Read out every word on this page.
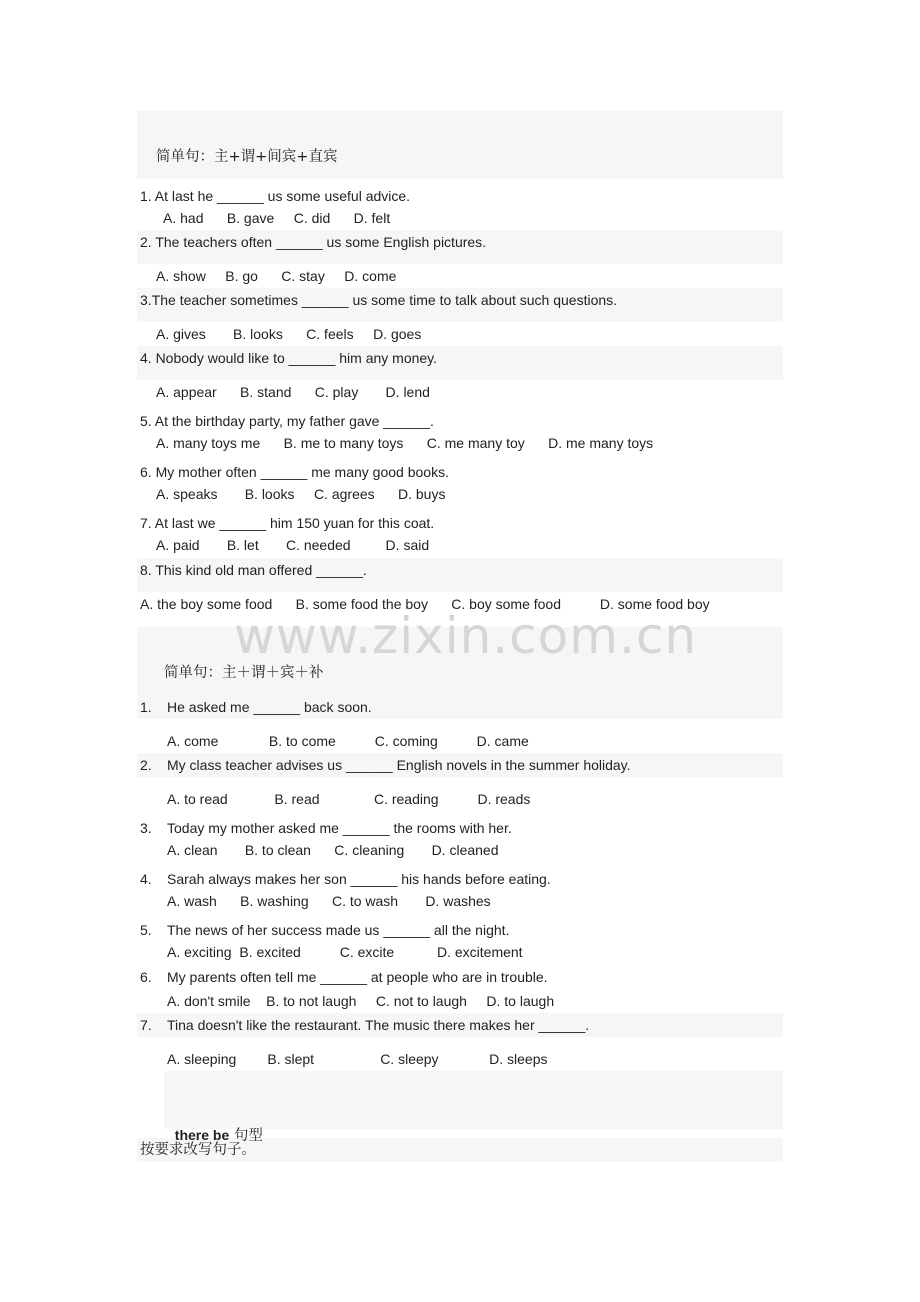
www.zixin.com.cn
简单句：主+谓+间宾+直宾
1. At last he ______ us some useful advice.
A. had      B. gave     C. did      D. felt
2. The teachers often ______ us some English pictures.
A. show     B. go      C. stay     D. come
3.The teacher sometimes ______ us some time to talk about such questions.
A. gives       B. looks      C. feels     D. goes
4. Nobody would like to ______ him any money.
A. appear      B. stand      C. play       D. lend
5. At the birthday party, my father gave ______.
A. many toys me      B. me to many toys      C. me many toy      D. me many toys
6. My mother often ______ me many good books.
A. speaks       B. looks     C. agrees      D. buys
7. At last we ______ him 150 yuan for this coat.
A. paid       B. let       C. needed         D. said
8. This kind old man offered ______.
A. the boy some food      B. some food the boy      C. boy some food          D. some food boy
简单句：主＋谓＋宾＋补
1. He asked me ______ back soon.
A. come             B. to come          C. coming          D. came
2. My class teacher advises us ______ English novels in the summer holiday.
A. to read            B. read              C. reading          D. reads
3. Today my mother asked me ______ the rooms with her.
A. clean       B. to clean      C. cleaning       D. cleaned
4. Sarah always makes her son ______ his hands before eating.
A. wash      B. washing      C. to wash       D. washes
5. The news of her success made us ______ all the night.
A. exciting  B. excited          C. excite           D. excitement
6. My parents often tell me ______ at people who are in trouble.
A. don't smile    B. to not laugh     C. not to laugh     D. to laugh
7. Tina doesn't like the restaurant. The music there makes her ______.
A. sleeping        B. slept                 C. sleepy             D. sleeps

there be 句型

按要求改写句子。
